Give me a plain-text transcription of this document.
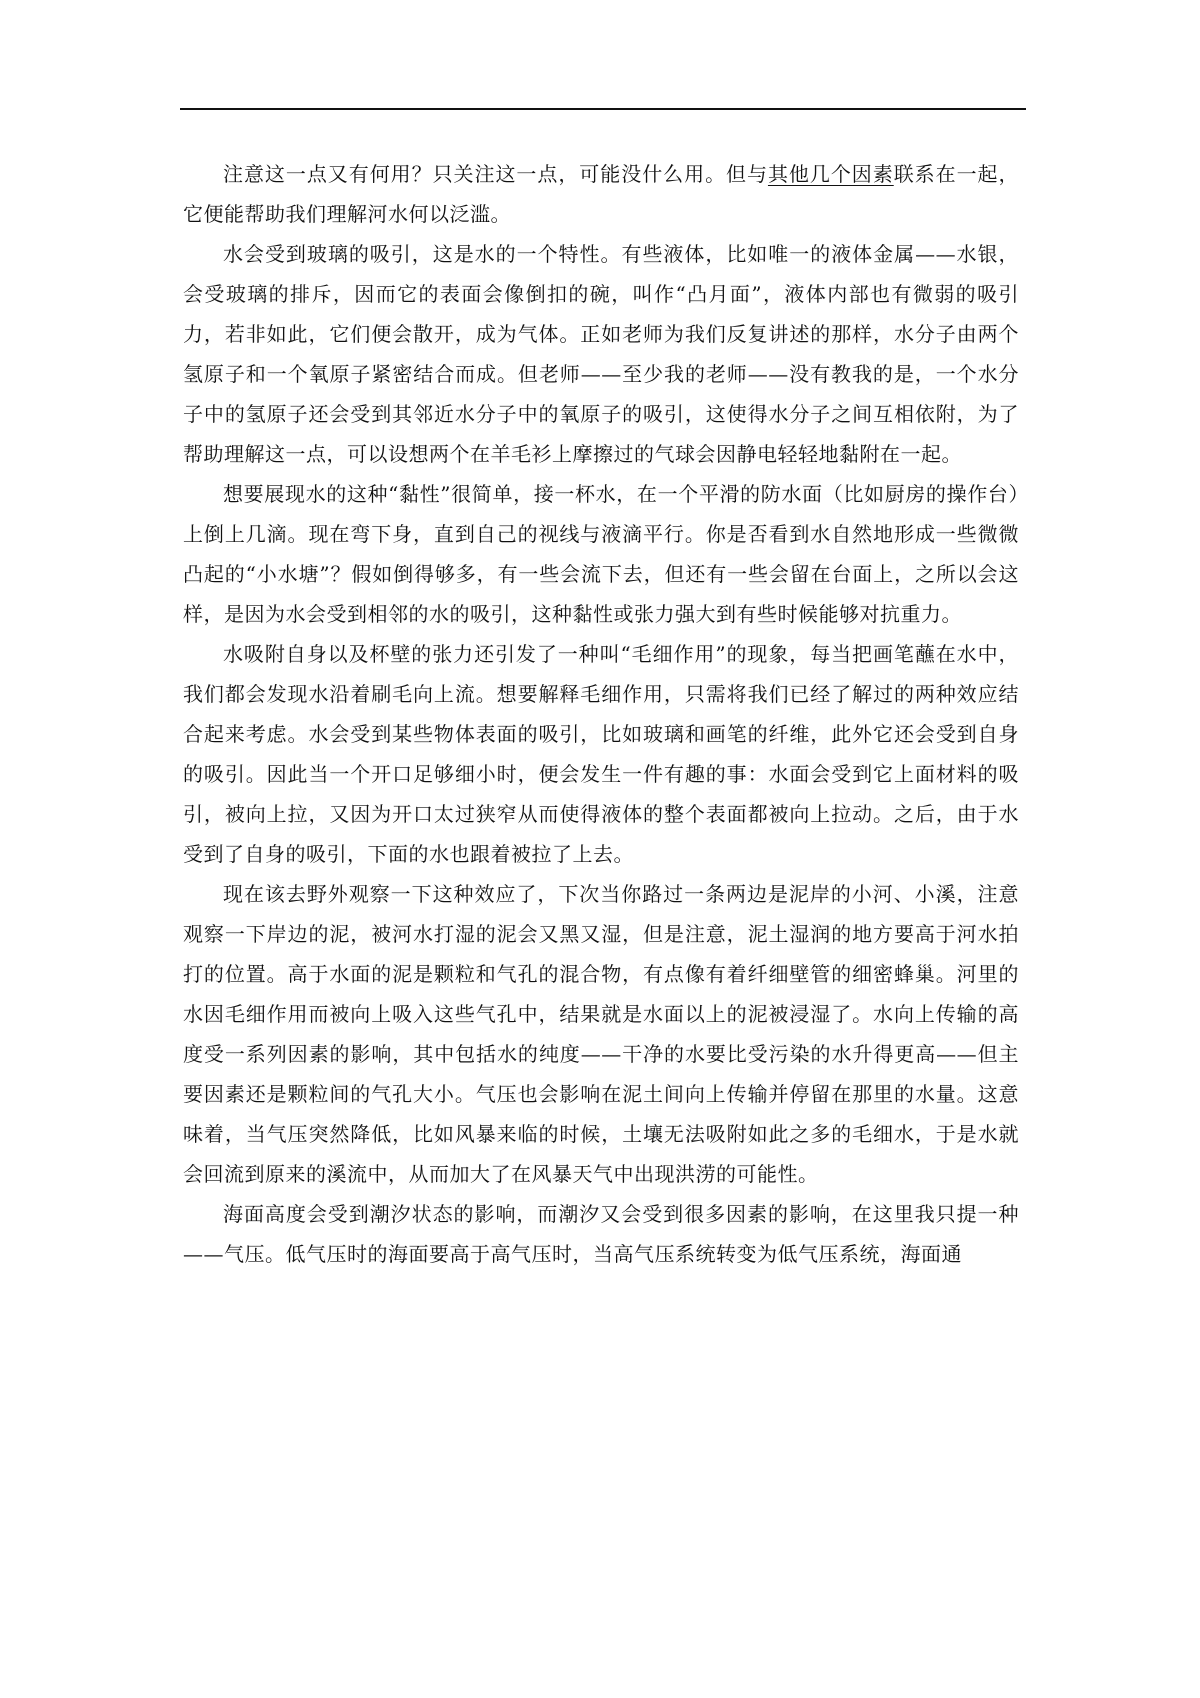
注意这一点又有何用？只关注这一点，可能没什么用。但与其他几个因素联系在一起，它便能帮助我们理解河水何以泛滥。

水会受到玻璃的吸引，这是水的一个特性。有些液体，比如唯一的液体金属——水银，会受玻璃的排斥，因而它的表面会像倒扣的碗，叫作“凸月面”，液体内部也有微弱的吸引力，若非如此，它们便会散开，成为气体。正如老师为我们反复讲述的那样，水分子由两个氢原子和一个氧原子紧密结合而成。但老师——至少我的老师——没有教我的是，一个水分子中的氢原子还会受到其邻近水分子中的氧原子的吸引，这使得水分子之间互相依附，为了帮助理解这一点，可以设想两个在羊毛衫上摩擦过的气球会因静电轻轻地黏附在一起。

想要展现水的这种“黏性”很简单，接一杯水，在一个平滑的防水面（比如厨房的操作台）上倒上几滴。现在弯下身，直到自己的视线与液滴平行。你是否看到水自然地形成一些微微凸起的“小水塘”？假如倒得够多，有一些会流下去，但还有一些会留在台面上，之所以会这样，是因为水会受到相邻的水的吸引，这种黏性或张力强大到有些时候能够对抗重力。

水吸附自身以及杯壁的张力还引发了一种叫“毛细作用”的现象，每当把画笔蘸在水中，我们都会发现水沿着刷毛向上流。想要解释毛细作用，只需将我们已经了解过的两种效应结合起来考虑。水会受到某些物体表面的吸引，比如玻璃和画笔的纤维，此外它还会受到自身的吸引。因此当一个开口足够细小时，便会发生一件有趣的事：水面会受到它上面材料的吸引，被向上拉，又因为开口太过狭窄从而使得液体的整个表面都被向上拉动。之后，由于水受到了自身的吸引，下面的水也跟着被拉了上去。

现在该去野外观察一下这种效应了，下次当你路过一条两边是泥岸的小河、小溪，注意观察一下岸边的泥，被河水打湿的泥会又黑又湿，但是注意，泥土湿润的地方要高于河水拍打的位置。高于水面的泥是颗粒和气孔的混合物，有点像有着纤细壁管的细密蜂巢。河里的水因毛细作用而被向上吸入这些气孔中，结果就是水面以上的泥被浸湿了。水向上传输的高度受一系列因素的影响，其中包括水的纯度——干净的水要比受污染的水升得更高——但主要因素还是颗粒间的气孔大小。气压也会影响在泥土间向上传输并停留在那里的水量。这意味着，当气压突然降低，比如风暴来临的时候，土壤无法吸附如此之多的毛细水，于是水就会回流到原来的溪流中，从而加大了在风暴天气中出现洪涝的可能性。

海面高度会受到潮汐状态的影响，而潮汐又会受到很多因素的影响，在这里我只提一种——气压。低气压时的海面要高于高气压时，当高气压系统转变为低气压系统，海面通
